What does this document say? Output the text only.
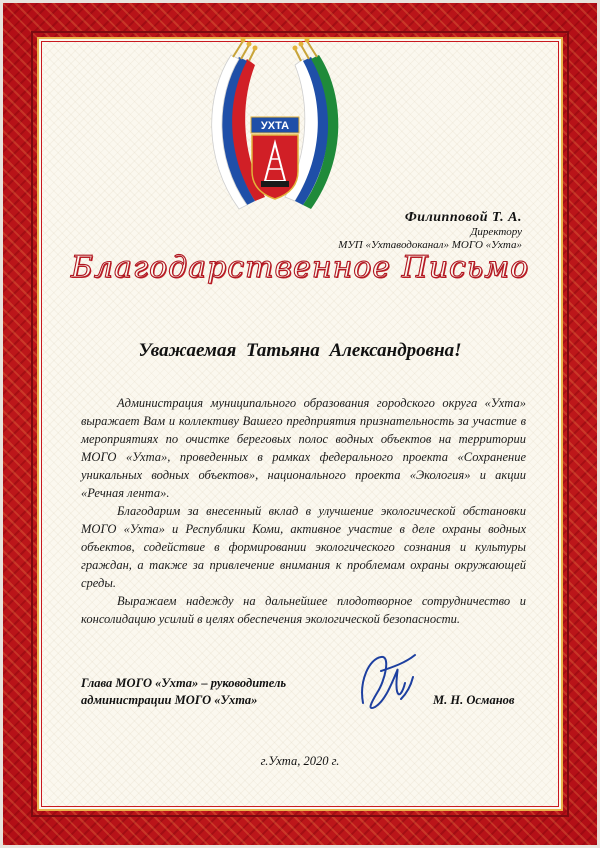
УХТА
Филипповой Т. А.
Директору
МУП «Ухтаводоканал» МОГО «Ухта»
Благодарственное Письмо
Уважаемая Татьяна Александровна!

Администрация муниципального образования городского округа «Ухта» выражает Вам и коллективу Вашего предприятия признательность за участие в мероприятиях по очистке береговых полос водных объектов на территории МОГО «Ухта», проведенных в рамках федерального проекта «Сохранение уникальных водных объектов», национального проекта «Экология» и акции «Речная лента».

Благодарим за внесенный вклад в улучшение экологической обстановки МОГО «Ухта» и Республики Коми, активное участие в деле охраны водных объектов, содействие в формировании экологического сознания и культуры граждан, а также за привлечение внимания к проблемам охраны окружающей среды.

Выражаем надежду на дальнейшее плодотворное сотрудничество и консолидацию усилий в целях обеспечения экологической безопасности.

Глава МОГО «Ухта» – руководитель
администрации МОГО «Ухта»	М. Н. Османов
г.Ухта, 2020 г.
